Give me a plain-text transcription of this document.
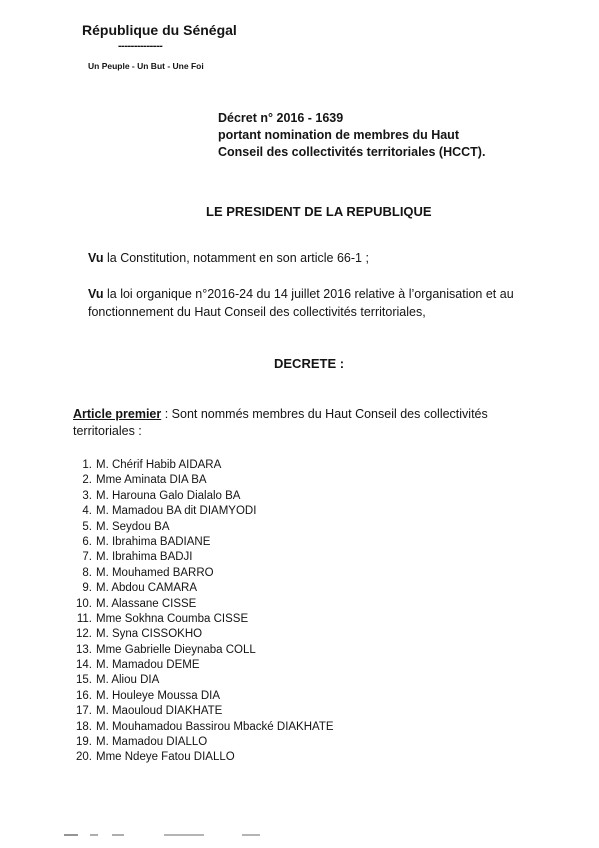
République du Sénégal
--------------
Un Peuple - Un But - Une Foi
Décret n° 2016 - 1639
portant nomination de membres du Haut
Conseil des collectivités territoriales (HCCT).
LE PRESIDENT DE LA REPUBLIQUE
Vu la Constitution, notamment en son article 66-1 ;
Vu la loi organique n°2016-24 du 14 juillet 2016 relative à l’organisation et au fonctionnement du Haut Conseil des collectivités territoriales,
DECRETE :
Article premier : Sont nommés membres du Haut Conseil des collectivités territoriales :
1. M. Chérif Habib AIDARA
2. Mme Aminata DIA BA
3. M. Harouna Galo Dialalo BA
4. M. Mamadou BA dit DIAMYODI
5. M. Seydou BA
6. M. Ibrahima BADIANE
7. M. Ibrahima BADJI
8. M. Mouhamed BARRO
9. M. Abdou CAMARA
10. M. Alassane CISSE
11. Mme Sokhna Coumba CISSE
12. M. Syna CISSOKHO
13. Mme Gabrielle Dieynaba COLL
14. M. Mamadou DEME
15. M. Aliou DIA
16. M. Houleye Moussa DIA
17. M. Maouloud DIAKHATE
18. M. Mouhamadou Bassirou Mbacké DIAKHATE
19. M. Mamadou DIALLO
20. Mme Ndeye Fatou DIALLO
